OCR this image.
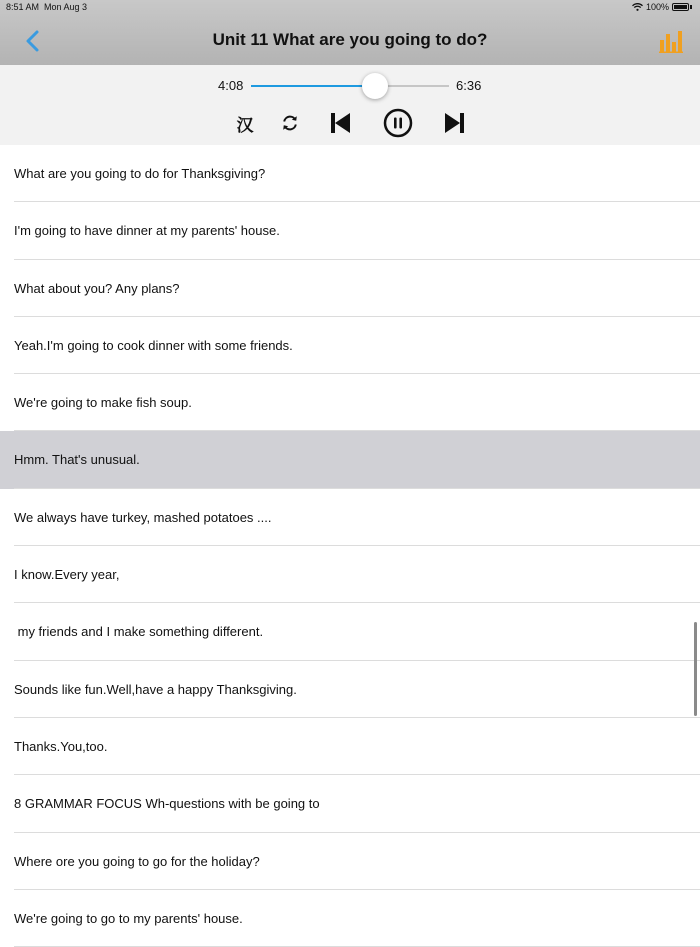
8:51 AM Mon Aug 3	100%
Unit 11 What are you going to do?
4:08	6:36
汉
What are you going to do for Thanksgiving?
I'm going to have dinner at my parents' house.
What about you? Any plans?
Yeah.I'm going to cook dinner with some friends.
We're going to make fish soup.
Hmm. That's unusual.
We always have turkey, mashed potatoes ....
I know.Every year,
my friends and I make something different.
Sounds like fun.Well,have a happy Thanksgiving.
Thanks.You,too.
8 GRAMMAR FOCUS Wh-questions with be going to
Where ore you going to go for the holiday?
We're going to go to my parents' house.
